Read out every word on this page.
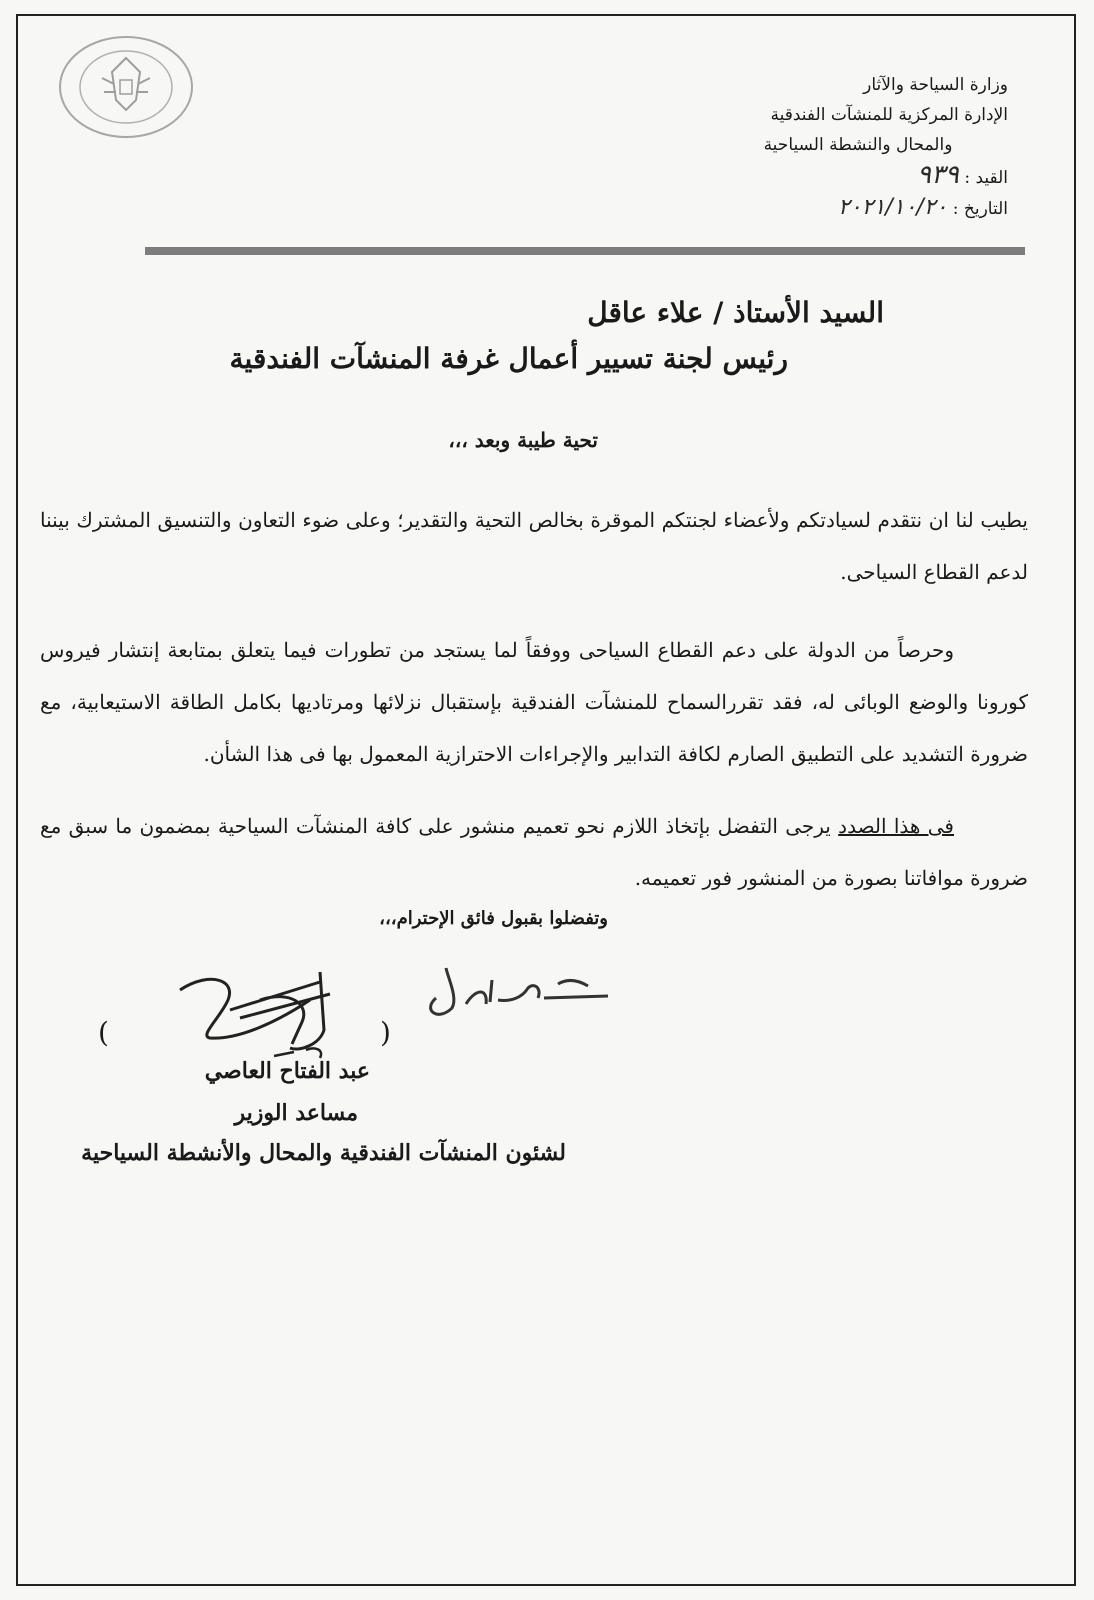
وزارة السياحة والآثار
الإدارة المركزية للمنشآت الفندقية
والمحال والنشطة السياحية
القيد : ٩٣٩
التاريخ : ٢٠٢١/١٠/٢٠
السيد الأستاذ / علاء عاقل
رئيس لجنة تسيير أعمال غرفة المنشآت الفندقية
تحية طيبة وبعد ،،،
يطيب لنا ان نتقدم لسيادتكم ولأعضاء لجنتكم الموقرة بخالص التحية والتقدير؛ وعلى ضوء التعاون والتنسيق المشترك بيننا لدعم القطاع السياحى.
وحرصاً من الدولة على دعم القطاع السياحى ووفقاً لما يستجد من تطورات فيما يتعلق بمتابعة إنتشار فيروس كورونا والوضع الوبائى له، فقد تقررالسماح للمنشآت الفندقية بإستقبال نزلائها ومرتاديها بكامل الطاقة الاستيعابية، مع ضرورة التشديد على التطبيق الصارم لكافة التدابير والإجراءات الاحترازية المعمول بها فى هذا الشأن.
فى هذا الصدد يرجى التفضل بإتخاذ اللازم نحو تعميم منشور على كافة المنشآت السياحية بمضمون ما سبق مع ضرورة موافاتنا بصورة من المنشور فور تعميمه.
وتفضلوا بقبول فائق الإحترام،،،
(	)
عبد الفتاح العاصي
مساعد الوزير
لشئون المنشآت الفندقية والمحال والأنشطة السياحية
